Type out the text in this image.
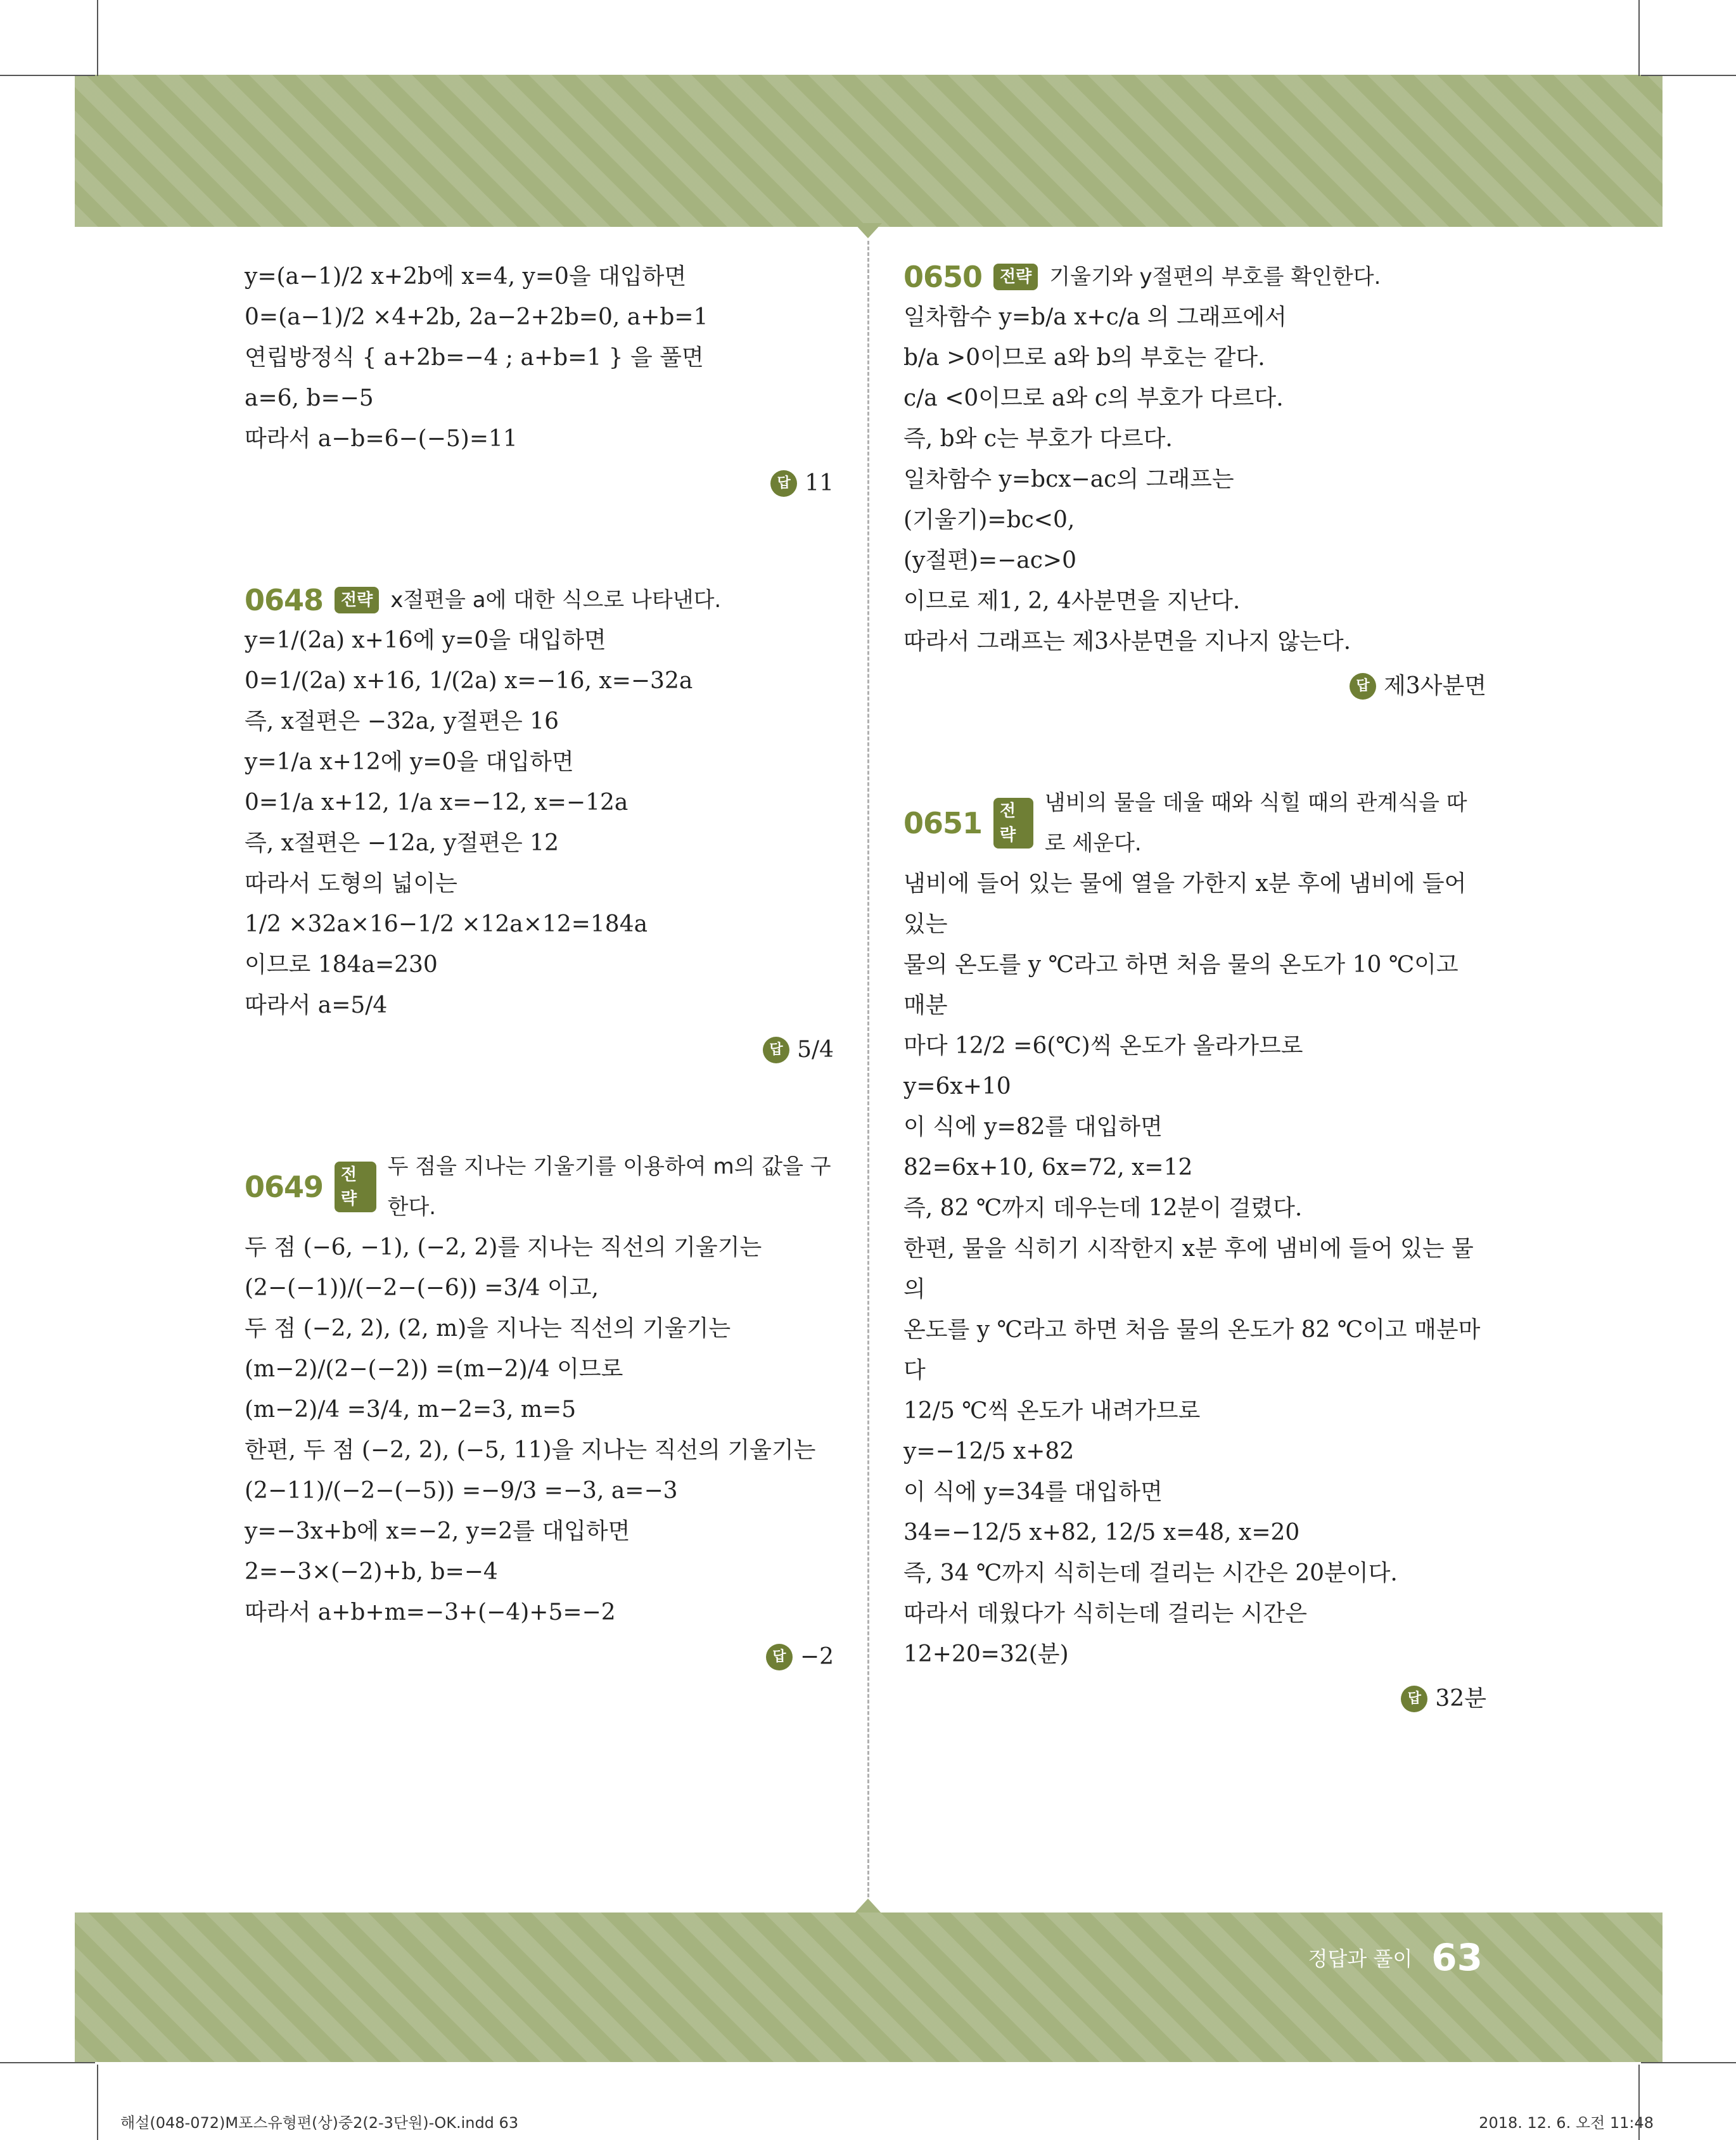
y=(a−1)/2 x+2b에 x=4, y=0을 대입하면
0=(a−1)/2 ×4+2b, 2a−2+2b=0, a+b=1
연립방정식 { a+2b=−4 ; a+b=1 } 을 풀면
a=6, b=−5
따라서 a−b=6−(−5)=11
답 11
0648	전략 x절편을 a에 대한 식으로 나타낸다.
y=1/(2a) x+16에 y=0을 대입하면
0=1/(2a) x+16, 1/(2a) x=−16, x=−32a
즉, x절편은 −32a, y절편은 16
y=1/a x+12에 y=0을 대입하면
0=1/a x+12, 1/a x=−12, x=−12a
즉, x절편은 −12a, y절편은 12
따라서 도형의 넓이는
1/2 ×32a×16−1/2 ×12a×12=184a
이므로 184a=230
따라서 a=5/4
답 5/4
0649	전략
두 점을 지나는 기울기를 이용하여 m의 값을 구한다.
두 점 (−6, −1), (−2, 2)를 지나는 직선의 기울기는
(2−(−1))/(−2−(−6)) =3/4 이고,
두 점 (−2, 2), (2, m)을 지나는 직선의 기울기는
(m−2)/(2−(−2)) =(m−2)/4 이므로
(m−2)/4 =3/4, m−2=3, m=5
한편, 두 점 (−2, 2), (−5, 11)을 지나는 직선의 기울기는
(2−11)/(−2−(−5)) =−9/3 =−3, a=−3
y=−3x+b에 x=−2, y=2를 대입하면
2=−3×(−2)+b, b=−4
따라서 a+b+m=−3+(−4)+5=−2
답 −2
0650	전략 기울기와 y절편의 부호를 확인한다.
일차함수 y=b/a x+c/a 의 그래프에서
b/a >0이므로 a와 b의 부호는 같다.
c/a <0이므로 a와 c의 부호가 다르다.
즉, b와 c는 부호가 다르다.
일차함수 y=bcx−ac의 그래프는
(기울기)=bc<0,
(y절편)=−ac>0
이므로 제1, 2, 4사분면을 지난다.
따라서 그래프는 제3사분면을 지나지 않는다.
답 제3사분면
0651	전략
냄비의 물을 데울 때와 식힐 때의 관계식을 따로 세운다.
냄비에 들어 있는 물에 열을 가한지 x분 후에 냄비에 들어 있는
물의 온도를 y ℃라고 하면 처음 물의 온도가 10 ℃이고 매분
마다 12/2 =6(℃)씩 온도가 올라가므로
y=6x+10
이 식에 y=82를 대입하면
82=6x+10, 6x=72, x=12
즉, 82 ℃까지 데우는데 12분이 걸렸다.
한편, 물을 식히기 시작한지 x분 후에 냄비에 들어 있는 물의
온도를 y ℃라고 하면 처음 물의 온도가 82 ℃이고 매분마다
12/5 ℃씩 온도가 내려가므로
y=−12/5 x+82
이 식에 y=34를 대입하면
34=−12/5 x+82, 12/5 x=48, x=20
즉, 34 ℃까지 식히는데 걸리는 시간은 20분이다.
따라서 데웠다가 식히는데 걸리는 시간은
12+20=32(분)
답 32분
정답과 풀이 63
해설(048-072)M포스유형편(상)중2(2-3단원)-OK.indd 63	2018. 12. 6. 오전 11:48
